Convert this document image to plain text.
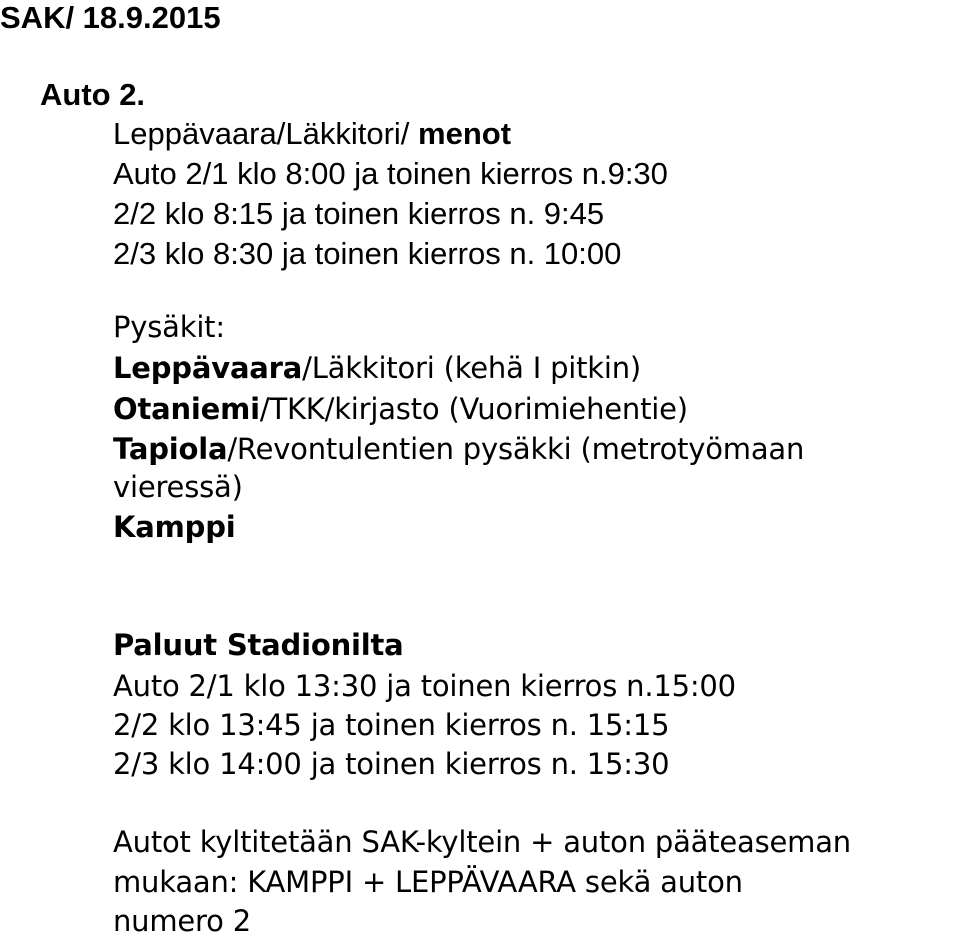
SAK/ 18.9.2015
Auto 2.
Leppävaara/Läkkitori/ menot
Auto 2/1 klo 8:00 ja toinen kierros n.9:30
2/2 klo 8:15 ja toinen kierros n. 9:45
2/3 klo 8:30 ja toinen kierros n. 10:00
Pysäkit:
Leppävaara/Läkkitori (kehä I pitkin)
Otaniemi/TKK/kirjasto (Vuorimiehentie)
Tapiola/Revontulentien pysäkki (metrotyömaan
vieressä)
Kamppi
Paluut Stadionilta
Auto 2/1 klo 13:30 ja toinen kierros n.15:00
2/2 klo 13:45 ja toinen kierros n. 15:15
2/3 klo 14:00 ja toinen kierros n. 15:30
Autot kyltitetään SAK-kyltein + auton pääteaseman
mukaan: KAMPPI + LEPPÄVAARA sekä auton
numero 2
